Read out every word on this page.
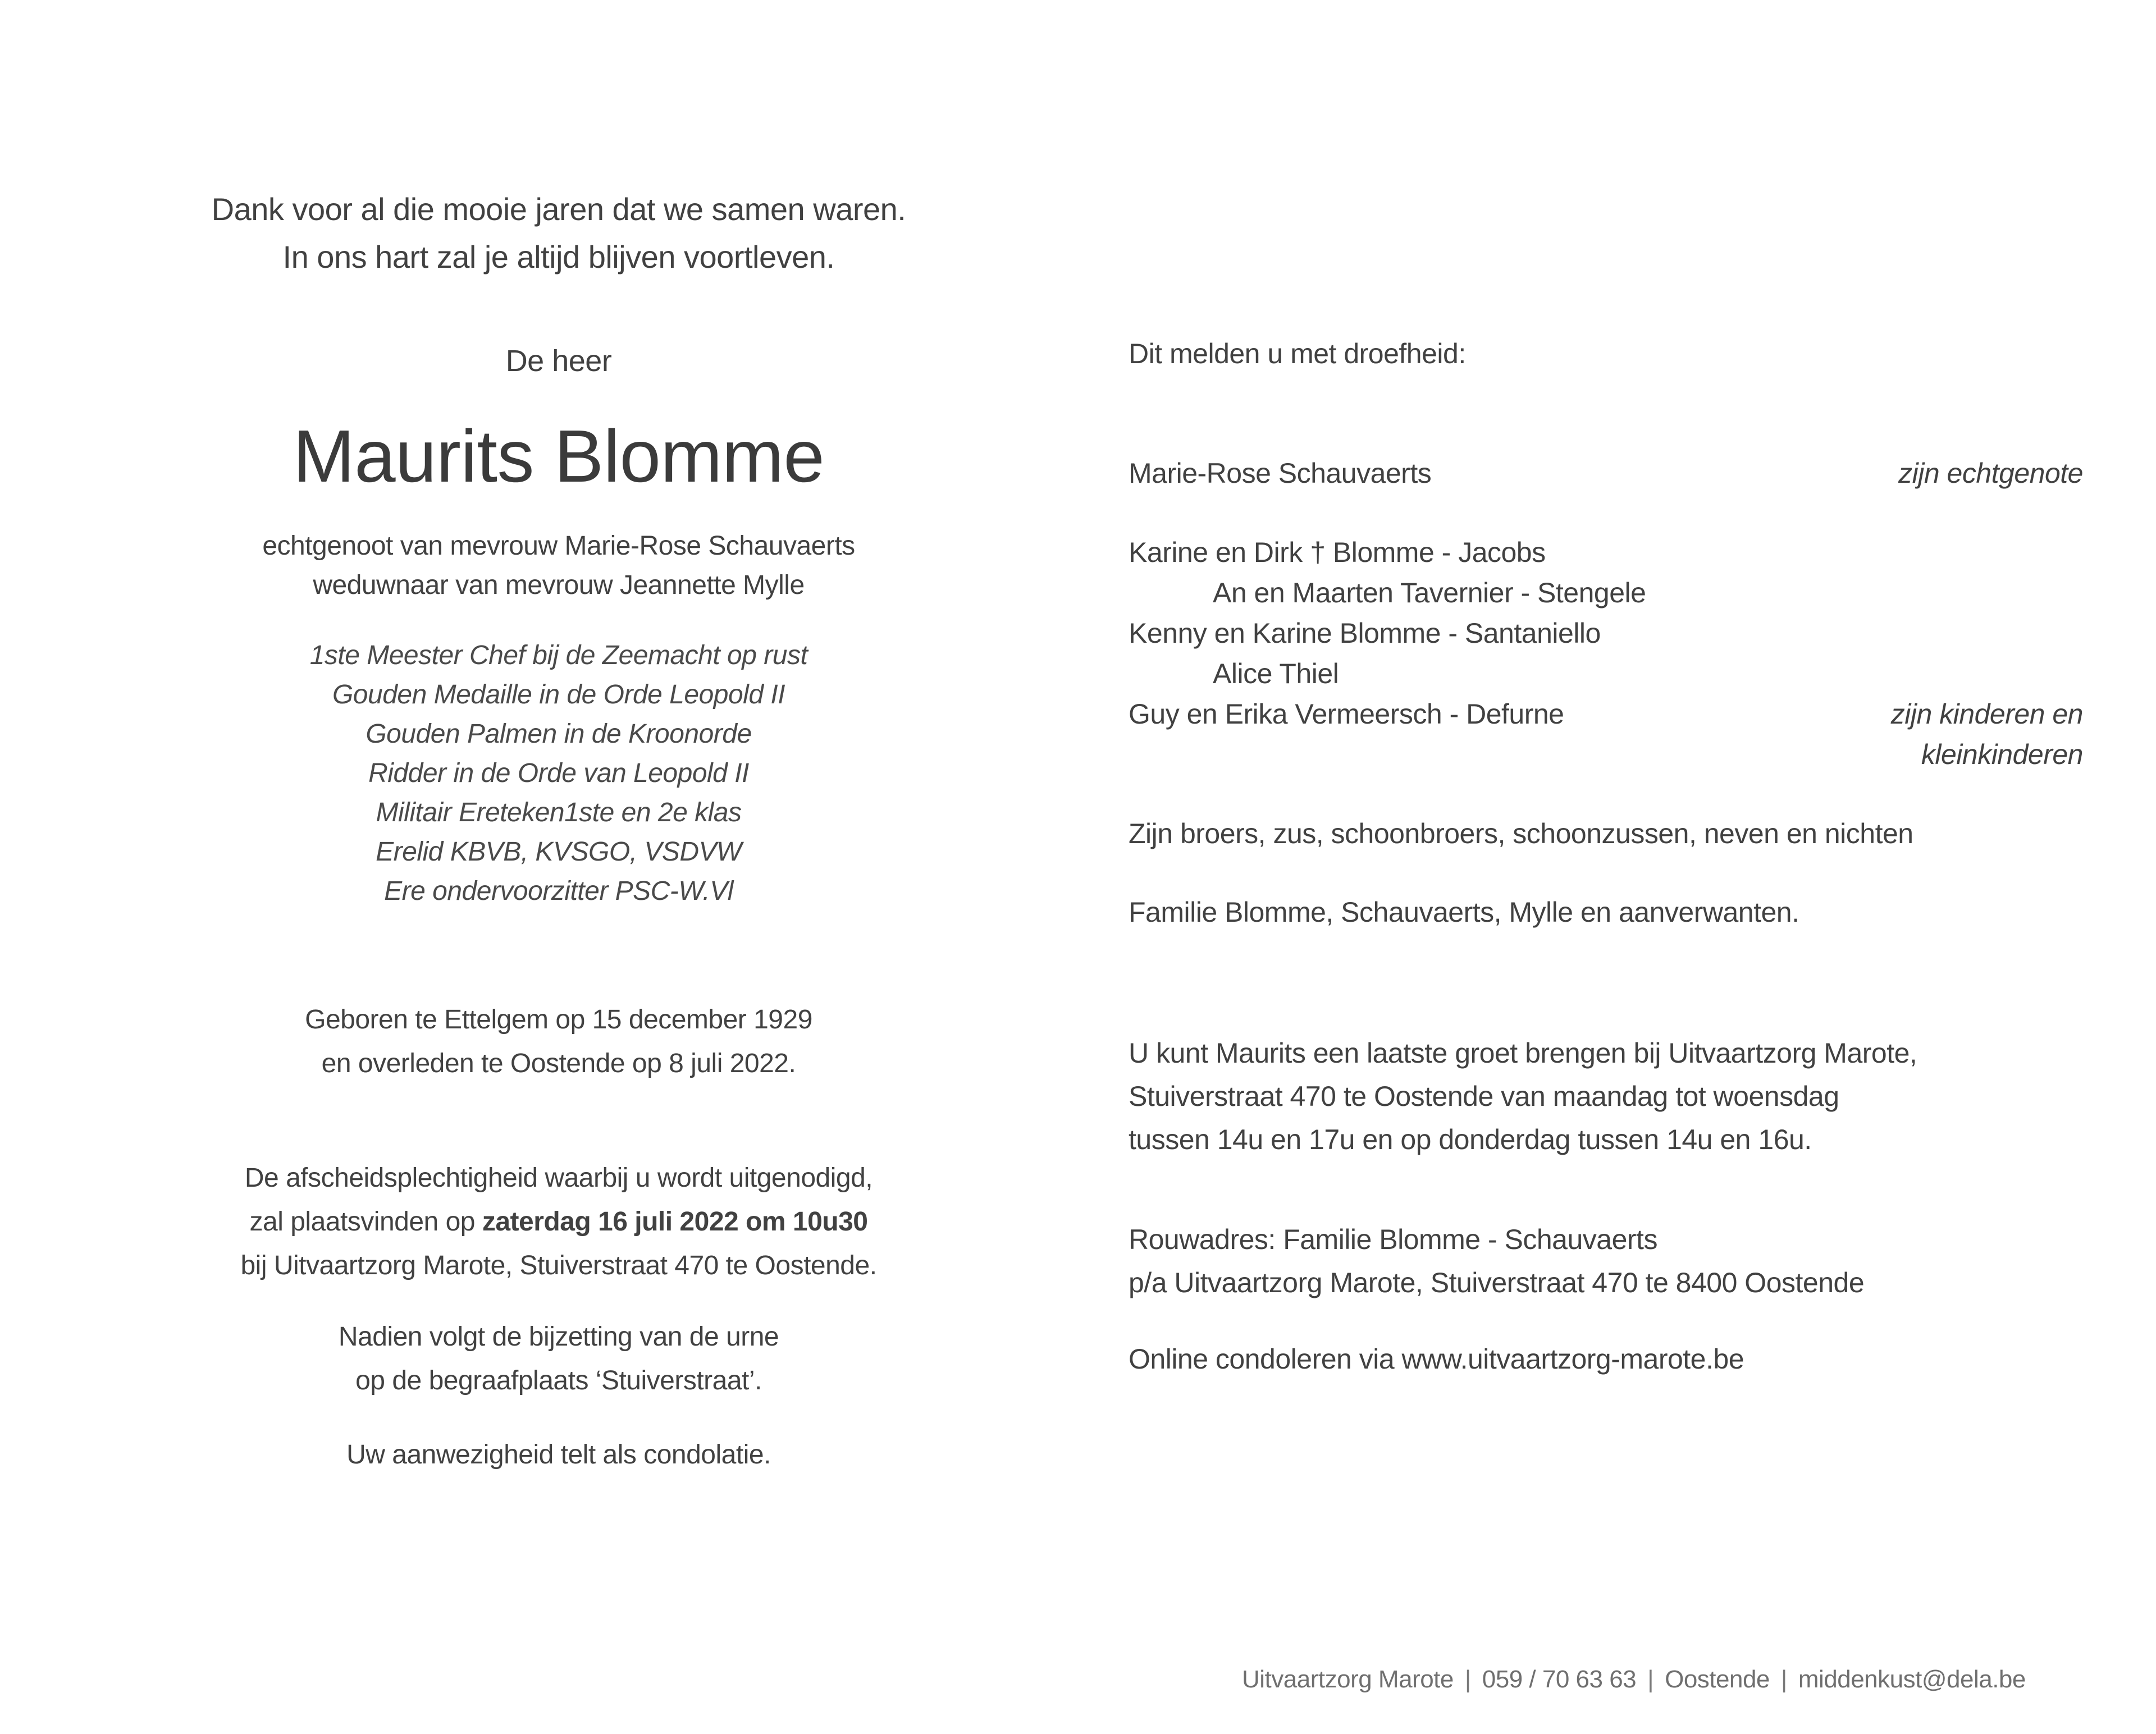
Dank voor al die mooie jaren dat we samen waren.

In ons hart zal je altijd blijven voortleven.

De heer

Maurits Blomme

echtgenoot van mevrouw Marie-Rose Schauvaerts

weduwnaar van mevrouw Jeannette Mylle

1ste Meester Chef bij de Zeemacht op rust

Gouden Medaille in de Orde Leopold II

Gouden Palmen in de Kroonorde

Ridder in de Orde van Leopold II

Militair Ereteken1ste en 2e klas

Erelid KBVB, KVSGO, VSDVW

Ere ondervoorzitter PSC-W.Vl

Geboren te Ettelgem op 15 december 1929

en overleden te Oostende op 8 juli 2022.

De afscheidsplechtigheid waarbij u wordt uitgenodigd,

zal plaatsvinden op zaterdag 16 juli 2022 om 10u30

bij Uitvaartzorg Marote, Stuiverstraat 470 te Oostende.

Nadien volgt de bijzetting van de urne

op de begraafplaats ‘Stuiverstraat’.

Uw aanwezigheid telt als condolatie.

Dit melden u met droefheid:

Marie-Rose Schauvaerts	zijn echtgenote

Karine en Dirk † Blomme - Jacobs

An en Maarten Tavernier - Stengele

Kenny en Karine Blomme - Santaniello

Alice Thiel

Guy en Erika Vermeersch - Defurne	zijn kinderen en

kleinkinderen

Zijn broers, zus, schoonbroers, schoonzussen, neven en nichten

Familie Blomme, Schauvaerts, Mylle en aanverwanten.

U kunt Maurits een laatste groet brengen bij Uitvaartzorg Marote,

Stuiverstraat 470 te Oostende van maandag tot woensdag

tussen 14u en 17u en op donderdag tussen 14u en 16u.

Rouwadres: Familie Blomme - Schauvaerts

p/a Uitvaartzorg Marote, Stuiverstraat 470 te 8400 Oostende

Online condoleren via www.uitvaartzorg-marote.be

Uitvaartzorg Marote | 059 / 70 63 63 | Oostende | middenkust@dela.be
